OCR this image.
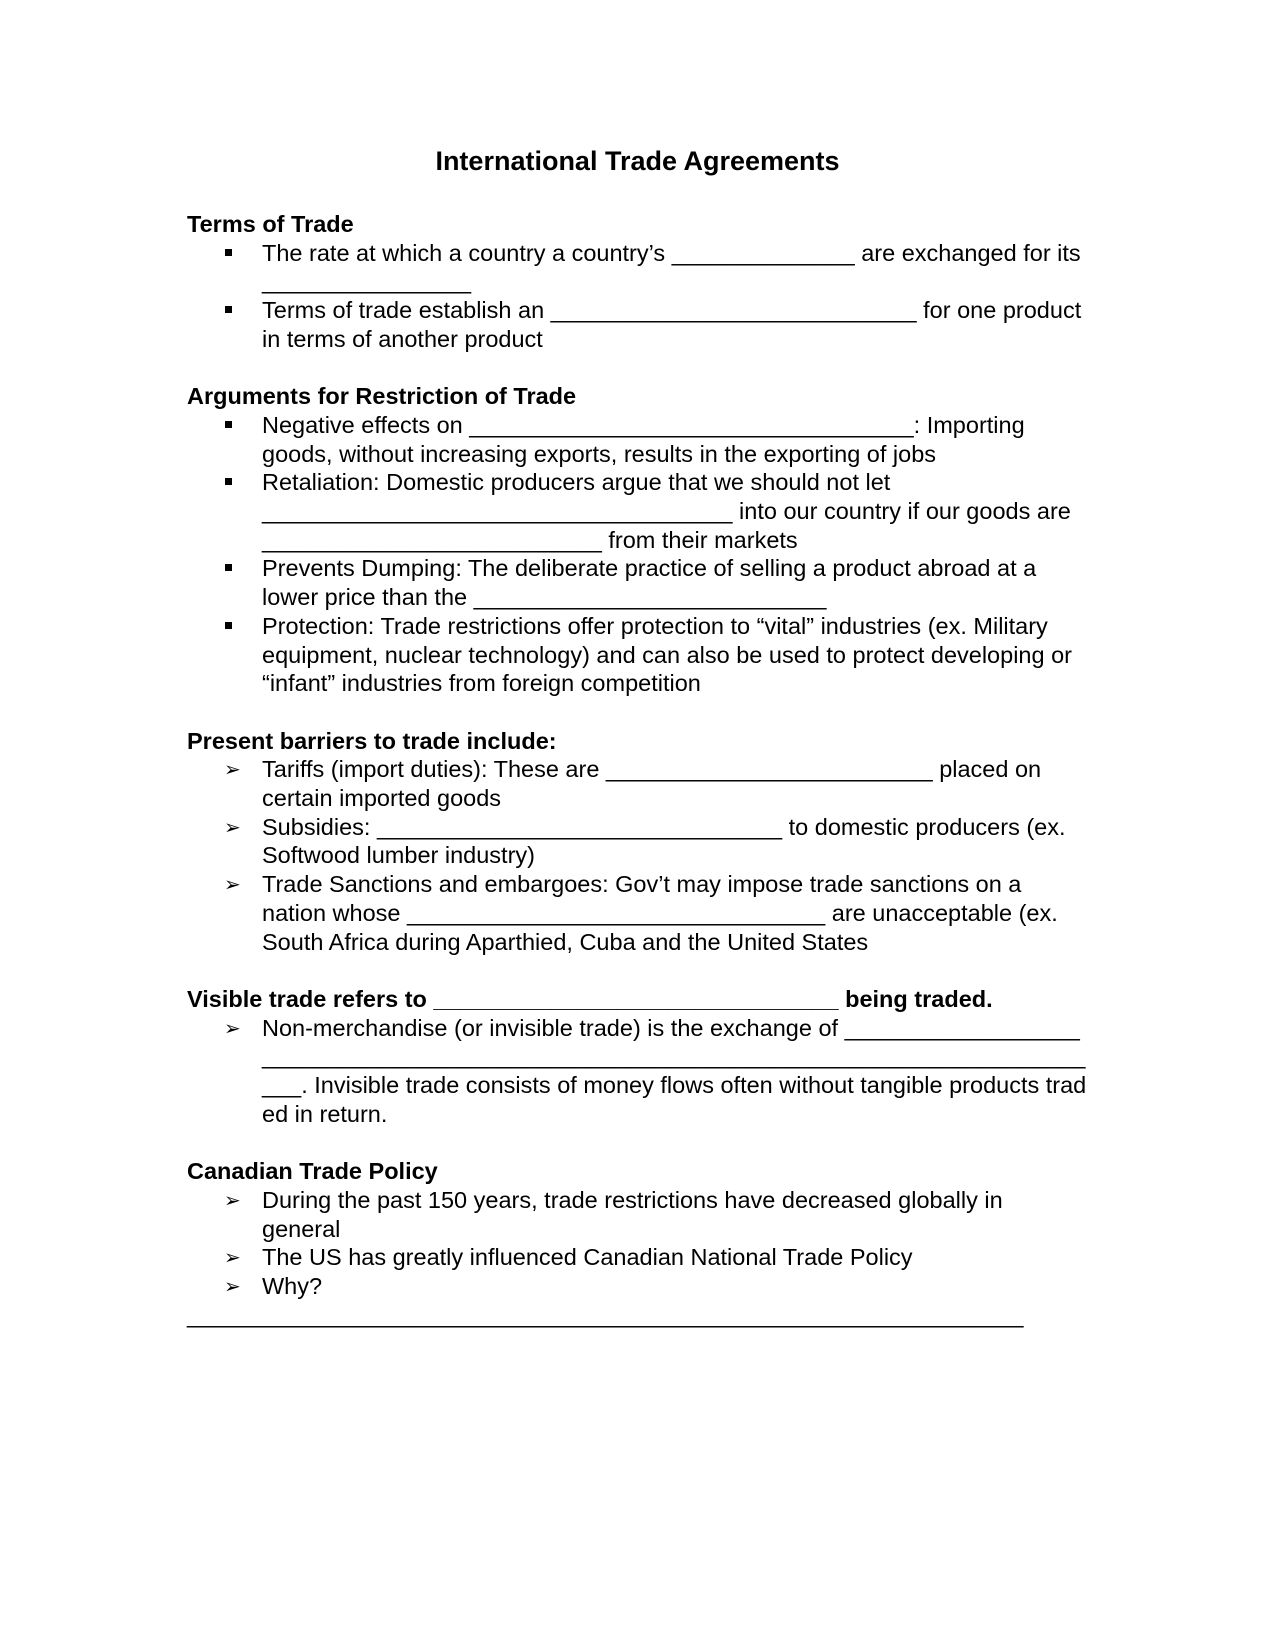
International Trade Agreements

Terms of Trade

The rate at which a country a country’s ______________ are exchanged for its ________________
Terms of trade establish an ____________________________ for one product in terms of another product

Arguments for Restriction of Trade

Negative effects on __________________________________: Importing goods, without increasing exports, results in the exporting of jobs
Retaliation: Domestic producers argue that we should not let ____________________________________ into our country if our goods are __________________________ from their markets
Prevents Dumping: The deliberate practice of selling a product abroad at a lower price than the ___________________________
Protection: Trade restrictions offer protection to “vital” industries (ex. Military equipment, nuclear technology) and can also be used to protect developing or “infant” industries from foreign competition

Present barriers to trade include:

➢ Tariffs (import duties): These are _________________________ placed on certain imported goods
➢ Subsidies: _______________________________ to domestic producers (ex. Softwood lumber industry)
➢ Trade Sanctions and embargoes: Gov’t may impose trade sanctions on a nation whose ________________________________ are unacceptable (ex. South Africa during Aparthied, Cuba and the United States

Visible trade refers to _______________________________ being traded.

➢ Non-merchandise (or invisible trade) is the exchange of ____________________________________________________________________________________. Invisible trade consists of money flows often without tangible products traded in return.

Canadian Trade Policy

➢ During the past 150 years, trade restrictions have decreased globally in general
➢ The US has greatly influenced Canadian National Trade Policy
➢ Why?

________________________________________________________________
